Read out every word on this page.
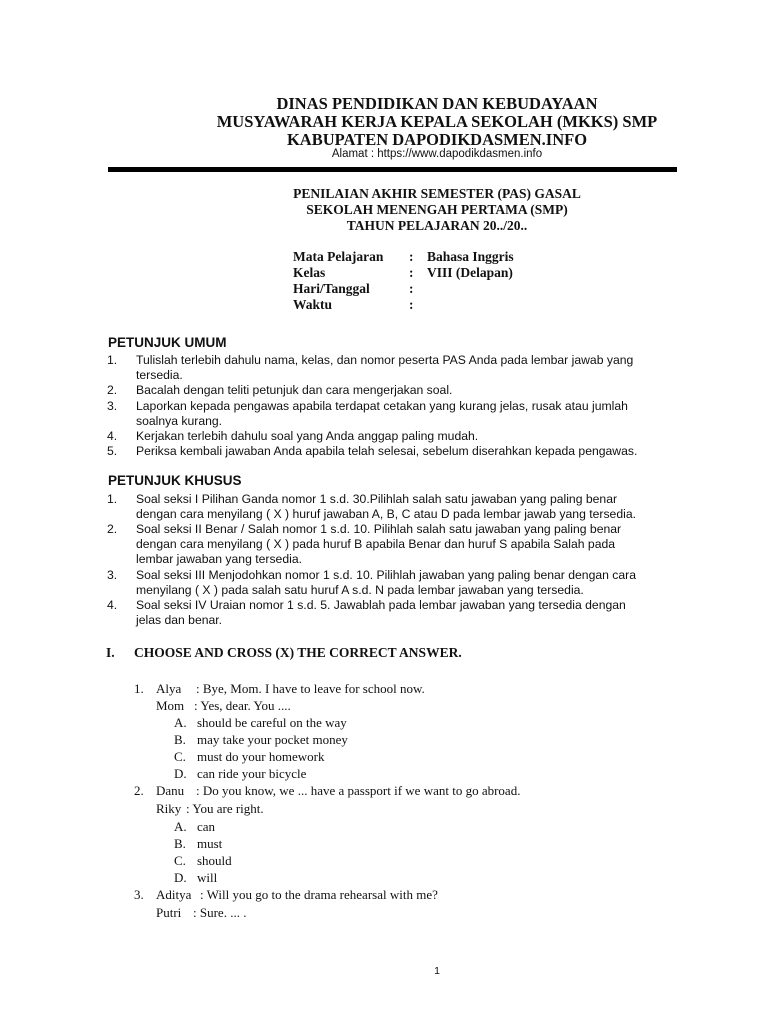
DINAS PENDIDIKAN DAN KEBUDAYAAN
MUSYAWARAH KERJA KEPALA SEKOLAH (MKKS) SMP
KABUPATEN DAPODIKDASMEN.INFO
Alamat : https://www.dapodikdasmen.info
PENILAIAN AKHIR SEMESTER (PAS) GASAL
SEKOLAH MENENGAH PERTAMA (SMP)
TAHUN PELAJARAN 20../20..
Mata Pelajaran : Bahasa Inggris
Kelas	: VIII (Delapan)
Hari/Tanggal	:
Waktu	:
PETUNJUK UMUM
1. Tulislah terlebih dahulu nama, kelas, dan nomor peserta PAS Anda pada lembar jawab yang
tersedia.
2. Bacalah dengan teliti petunjuk dan cara mengerjakan soal.
3. Laporkan kepada pengawas apabila terdapat cetakan yang kurang jelas, rusak atau jumlah
soalnya kurang.
4. Kerjakan terlebih dahulu soal yang Anda anggap paling mudah.
5. Periksa kembali jawaban Anda apabila telah selesai, sebelum diserahkan kepada pengawas.
PETUNJUK KHUSUS
1. Soal seksi I Pilihan Ganda nomor 1 s.d. 30.Pilihlah salah satu jawaban yang paling benar
dengan cara menyilang ( X ) huruf jawaban A, B, C atau D pada lembar jawab yang tersedia.
2. Soal seksi II Benar / Salah nomor 1 s.d. 10. Pilihlah salah satu jawaban yang paling benar
dengan cara menyilang ( X ) pada huruf B apabila Benar dan huruf S apabila Salah pada
lembar jawaban yang tersedia.
3. Soal seksi III Menjodohkan nomor 1 s.d. 10. Pilihlah jawaban yang paling benar dengan cara
menyilang ( X ) pada salah satu huruf A s.d. N pada lembar jawaban yang tersedia.
4. Soal seksi IV Uraian nomor 1 s.d. 5. Jawablah pada lembar jawaban yang tersedia dengan
jelas dan benar.
I. CHOOSE AND CROSS (X) THE CORRECT ANSWER.
1. Alya : Bye, Mom. I have to leave for school now.
Mom : Yes, dear. You ....
A. should be careful on the way
B. may take your pocket money
C. must do your homework
D. can ride your bicycle
2. Danu : Do you know, we ... have a passport if we want to go abroad.
Riky : You are right.
A. can
B. must
C. should
D. will
3. Aditya : Will you go to the drama rehearsal with me?
Putri : Sure. ... .
1
